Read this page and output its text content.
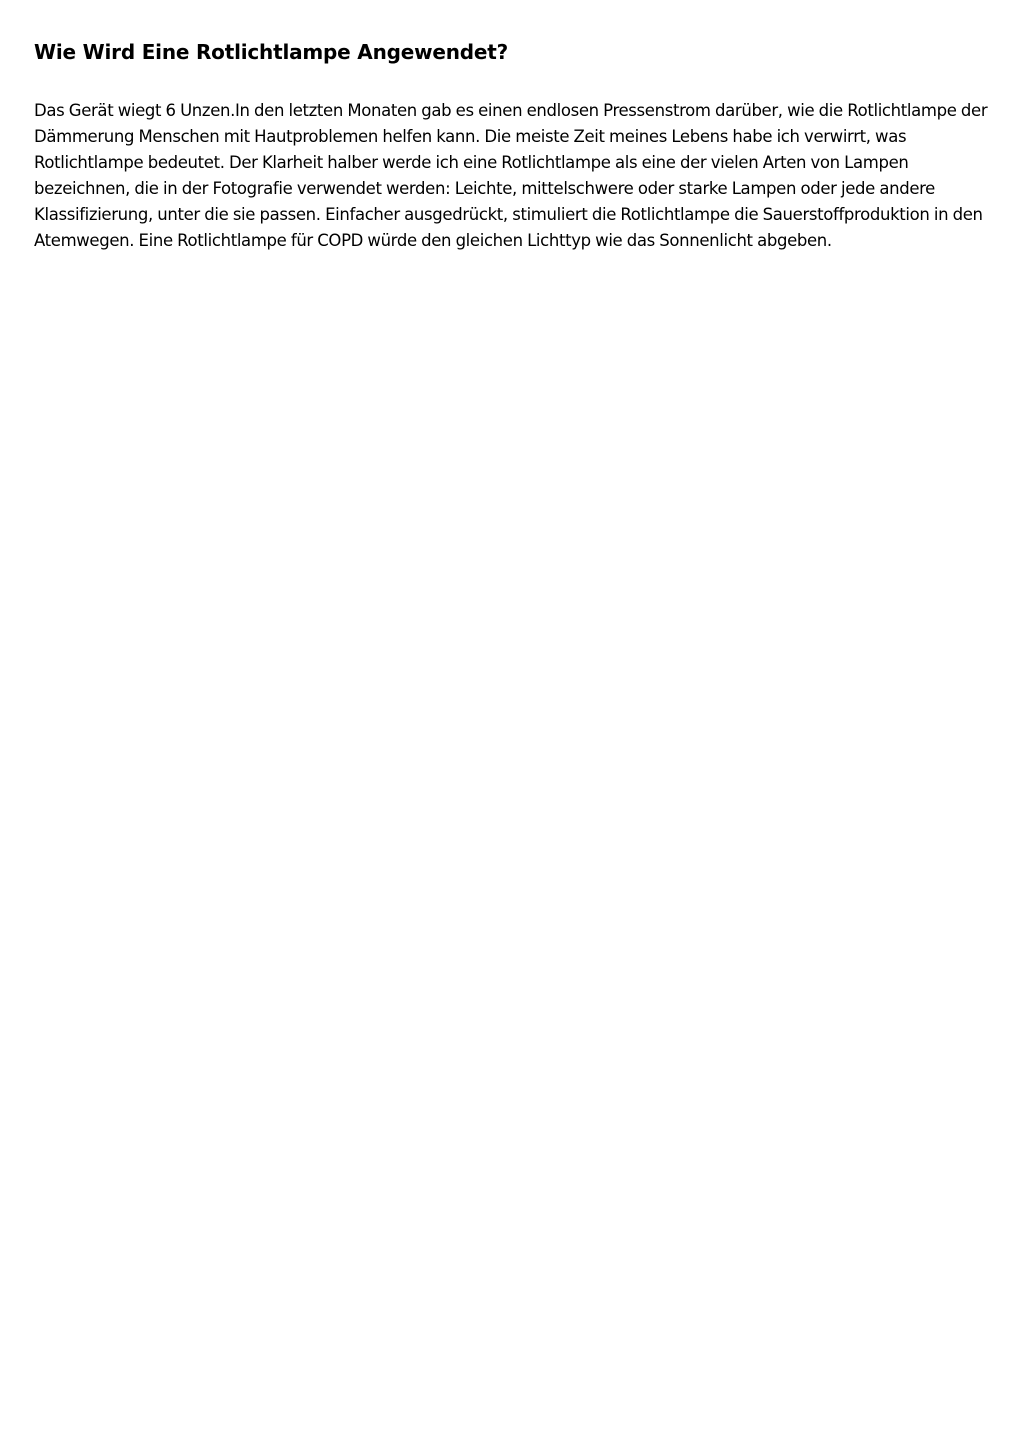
Wie Wird Eine Rotlichtlampe Angewendet?

Das Gerät wiegt 6 Unzen.In den letzten Monaten gab es einen endlosen Pressenstrom darüber, wie die Rotlichtlampe der Dämmerung Menschen mit Hautproblemen helfen kann. Die meiste Zeit meines Lebens habe ich verwirrt, was Rotlichtlampe bedeutet. Der Klarheit halber werde ich eine Rotlichtlampe als eine der vielen Arten von Lampen bezeichnen, die in der Fotografie verwendet werden: Leichte, mittelschwere oder starke Lampen oder jede andere Klassifizierung, unter die sie passen. Einfacher ausgedrückt, stimuliert die Rotlichtlampe die Sauerstoffproduktion in den Atemwegen. Eine Rotlichtlampe für COPD würde den gleichen Lichttyp wie das Sonnenlicht abgeben.
